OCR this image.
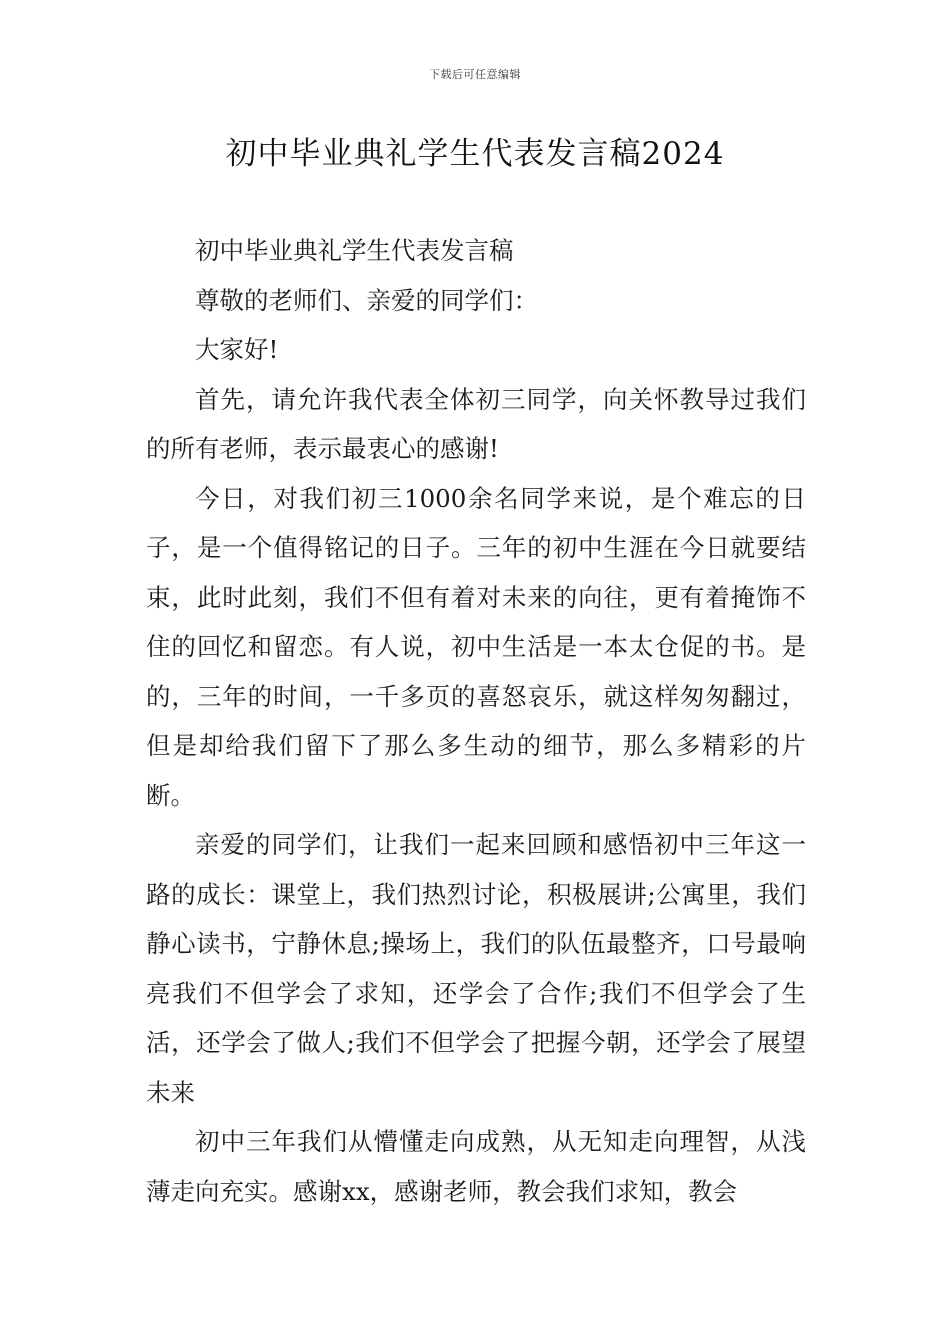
下载后可任意编辑
初中毕业典礼学生代表发言稿2024

初中毕业典礼学生代表发言稿

尊敬的老师们、亲爱的同学们：

大家好!

首先，请允许我代表全体初三同学，向关怀教导过我们的所有老师，表示最衷心的感谢!

今日，对我们初三1000余名同学来说，是个难忘的日子，是一个值得铭记的日子。三年的初中生涯在今日就要结束，此时此刻，我们不但有着对未来的向往，更有着掩饰不住的回忆和留恋。有人说，初中生活是一本太仓促的书。是的，三年的时间，一千多页的喜怒哀乐，就这样匆匆翻过，但是却给我们留下了那么多生动的细节，那么多精彩的片断。

亲爱的同学们，让我们一起来回顾和感悟初中三年这一路的成长：课堂上，我们热烈讨论，积极展讲;公寓里，我们静心读书，宁静休息;操场上，我们的队伍最整齐，口号最响亮我们不但学会了求知，还学会了合作;我们不但学会了生活，还学会了做人;我们不但学会了把握今朝，还学会了展望未来

初中三年我们从懵懂走向成熟，从无知走向理智，从浅薄走向充实。感谢xx，感谢老师，教会我们求知，教会
